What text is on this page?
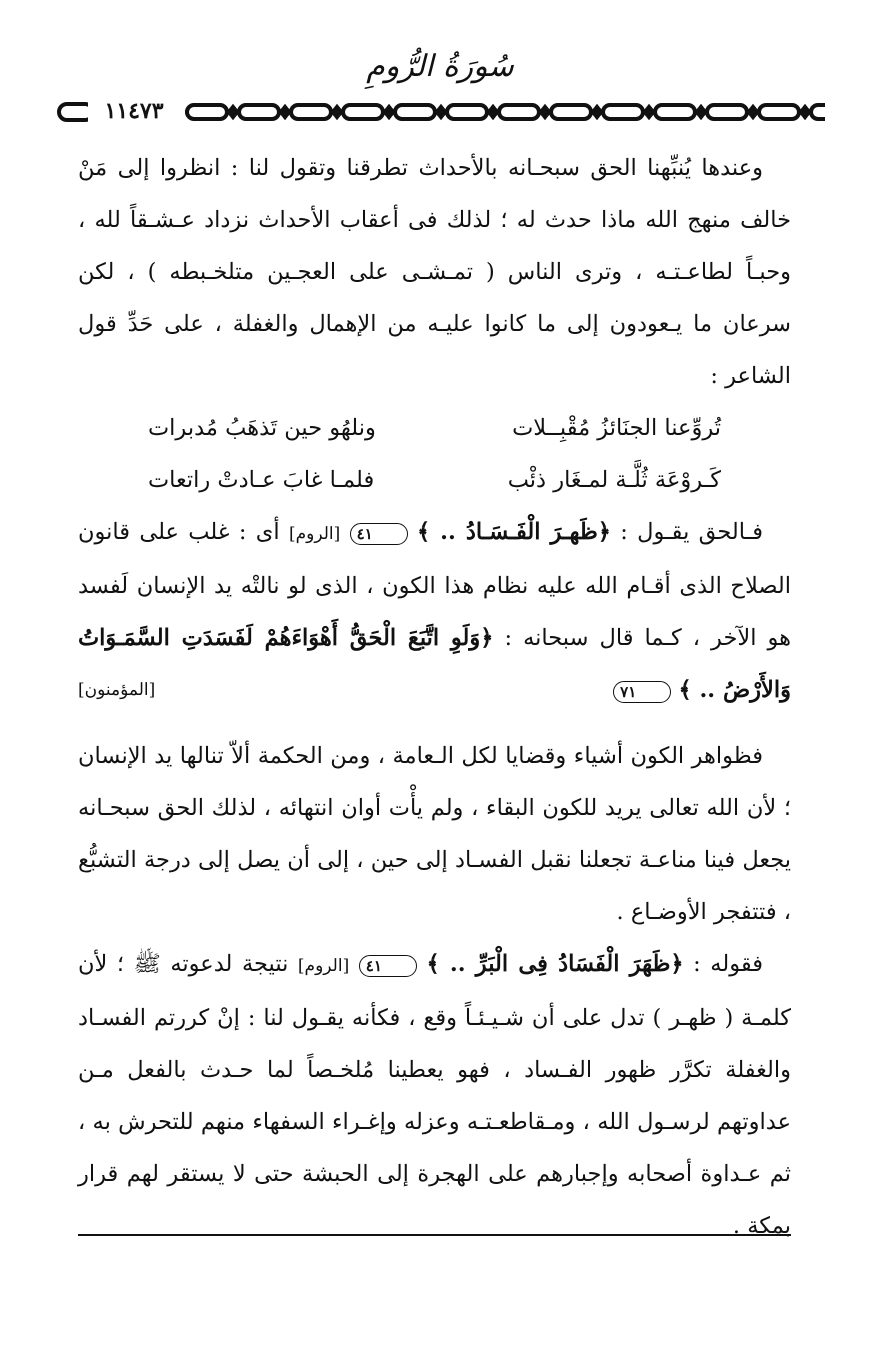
سُورَةُ الرُّومِ
١١٤٧٣

وعندها يُنبِّهنا الحق سبحـانه بالأحداث تطرقنا وتقول لنا : انظروا إلى مَنْ خالف منهج الله ماذا حدث له ؛ لذلك فى أعقاب الأحداث نزداد عـشـقاً لله ، وحبـاً لطاعـتـه ، وترى الناس ( تمـشـى على العجـين متلخـبطه ) ، لكن سرعان ما يـعودون إلى ما كانوا عليـه من الإهمال والغفلة ، على حَدِّ قول الشاعر :

تُروِّعنا الجنَائزُ مُقْبِــلات
ونلهُو حين تَذهَبُ مُدبرات
كَـروْعَة ثُلَّـة لمـغَار ذئْب
فلمـا غابَ عـادتْ راتعات

فـالحق يقـول : ﴿ظَهـرَ الْفَـسَـادُ .. ﴾ ٤١ [الروم] أى : غلب على قانون الصلاح الذى أقـام الله عليه نظام هذا الكون ، الذى لو نالتْه يد الإنسان لَفسد هو الآخر ، كـما قال سبحانه : ﴿وَلَوِ اتَّبَعَ الْحَقُّ أَهْوَاءَهُمْ لَفَسَدَتِ السَّمَـوَاتُ وَالأَرْضُ .. ﴾ ٧١
[المؤمنون]

فظواهر الكون أشياء وقضايا لكل الـعامة ، ومن الحكمة ألاّ تنالها يد الإنسان ؛ لأن الله تعالى يريد للكون البقاء ، ولم يأْت أوان انتهائه ، لذلك الحق سبحـانه يجعل فينا مناعـة تجعلنا نقبل الفسـاد إلى حين ، إلى أن يصل إلى درجة التشبُّع ، فتتفجر الأوضـاع .

فقوله : ﴿ظَهَرَ الْفَسَادُ فِى الْبَرِّ .. ﴾ ٤١ [الروم] نتيجة لدعوته ﷺ ؛ لأن كلمـة ( ظهـر ) تدل على أن شـيـئـاً وقع ، فكأنه يقـول لنا : إنْ كررتم الفسـاد والغفلة تكرَّر ظهور الفـساد ، فهو يعطينا مُلخـصاً لما حـدث بالفعل مـن عداوتهم لرسـول الله ، ومـقاطعـتـه وعزله وإغـراء السفهاء منهم للتحرش به ، ثم عـداوة أصحابه وإجبارهم على الهجرة إلى الحبشة حتى لا يستقر لهم قرار بمكة .
